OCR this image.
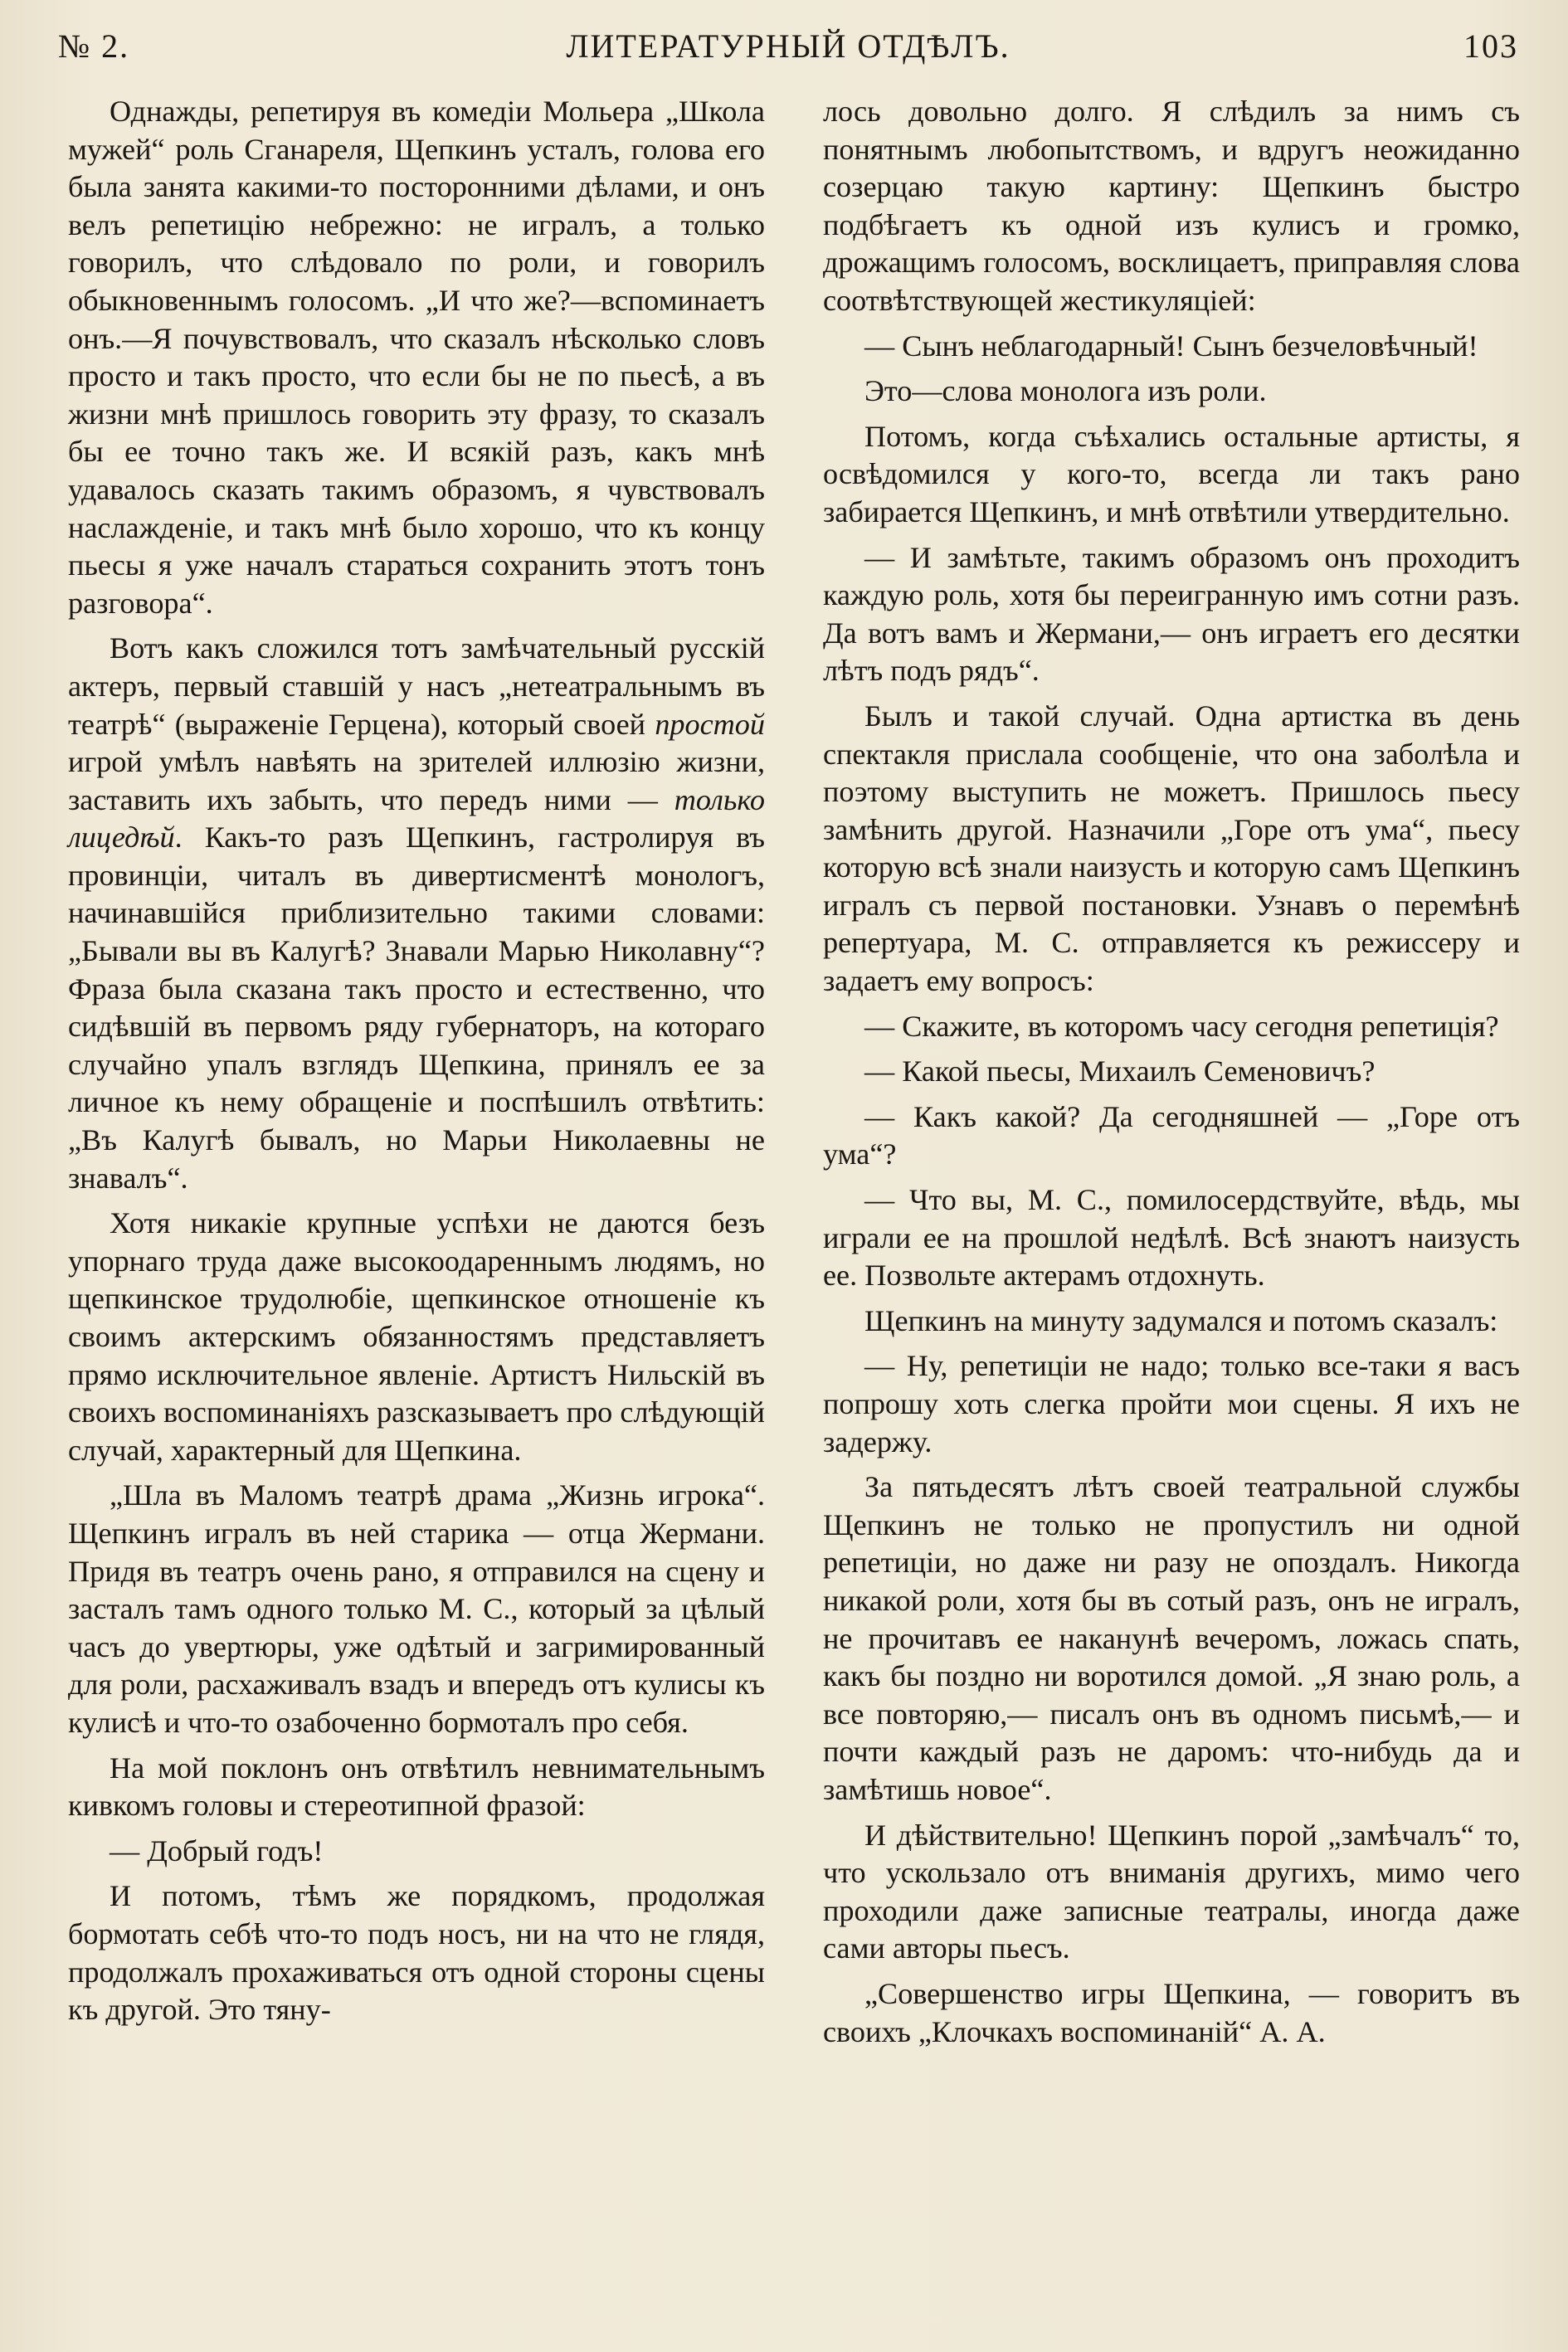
№ 2.	ЛИТЕРАТУРНЫЙ ОТДѢЛЪ.	103

Однажды, репетируя въ комедіи Мольера „Школа мужей“ роль Сганареля, Щепкинъ усталъ, голова его была занята какими-то посторонними дѣлами, и онъ велъ репетицію небрежно: не игралъ, а только говорилъ, что слѣдовало по роли, и говорилъ обыкновеннымъ голосомъ. „И что же?—вспоминаетъ онъ.—Я почувствовалъ, что сказалъ нѣсколько словъ просто и такъ просто, что если бы не по пьесѣ, а въ жизни мнѣ пришлось говорить эту фразу, то сказалъ бы ее точно такъ же. И всякій разъ, какъ мнѣ удавалось сказать такимъ образомъ, я чувствовалъ наслажденіе, и такъ мнѣ было хорошо, что къ концу пьесы я уже началъ стараться сохранить этотъ тонъ разговора“.

Вотъ какъ сложился тотъ замѣчательный русскій актеръ, первый ставшій у насъ „нетеатральнымъ въ театрѣ“ (выраженіе Герцена), который своей простой игрой умѣлъ навѣять на зрителей иллюзію жизни, заставить ихъ забыть, что передъ ними — только лицедѣй. Какъ-то разъ Щепкинъ, гастролируя въ провинціи, читалъ въ дивертисментѣ монологъ, начинавшійся приблизительно такими словами: „Бывали вы въ Калугѣ? Знавали Марью Николавну“? Фраза была сказана такъ просто и естественно, что сидѣвшій въ первомъ ряду губернаторъ, на котораго случайно упалъ взглядъ Щепкина, принялъ ее за личное къ нему обращеніе и поспѣшилъ отвѣтить: „Въ Калугѣ бывалъ, но Марьи Николаевны не знавалъ“.

Хотя никакіе крупные успѣхи не даются безъ упорнаго труда даже высокоодареннымъ людямъ, но щепкинское трудолюбіе, щепкинское отношеніе къ своимъ актерскимъ обязанностямъ представляетъ прямо исключительное явленіе. Артистъ Нильскій въ своихъ воспоминаніяхъ разсказываетъ про слѣдующій случай, характерный для Щепкина.

„Шла въ Маломъ театрѣ драма „Жизнь игрока“. Щепкинъ игралъ въ ней старика — отца Жермани. Придя въ театръ очень рано, я отправился на сцену и засталъ тамъ одного только М. С., который за цѣлый часъ до увертюры, уже одѣтый и загримированный для роли, расхаживалъ взадъ и впередъ отъ кулисы къ кулисѣ и что-то озабоченно бормоталъ про себя.

На мой поклонъ онъ отвѣтилъ невнимательнымъ кивкомъ головы и стереотипной фразой:

— Добрый годъ!

И потомъ, тѣмъ же порядкомъ, продолжая бормотать себѣ что-то подъ носъ, ни на что не глядя, продолжалъ прохаживаться отъ одной стороны сцены къ другой. Это тяну-

лось довольно долго. Я слѣдилъ за нимъ съ понятнымъ любопытствомъ, и вдругъ неожиданно созерцаю такую картину: Щепкинъ быстро подбѣгаетъ къ одной изъ кулисъ и громко, дрожащимъ голосомъ, восклицаетъ, приправляя слова соотвѣтствующей жестикуляціей:

— Сынъ неблагодарный! Сынъ безчеловѣчный!

Это—слова монолога изъ роли.

Потомъ, когда съѣхались остальные артисты, я освѣдомился у кого-то, всегда ли такъ рано забирается Щепкинъ, и мнѣ отвѣтили утвердительно.

— И замѣтьте, такимъ образомъ онъ проходитъ каждую роль, хотя бы переигранную имъ сотни разъ. Да вотъ вамъ и Жермани,— онъ играетъ его десятки лѣтъ подъ рядъ“.

Былъ и такой случай. Одна артистка въ день спектакля прислала сообщеніе, что она заболѣла и поэтому выступить не можетъ. Пришлось пьесу замѣнить другой. Назначили „Горе отъ ума“, пьесу которую всѣ знали наизусть и которую самъ Щепкинъ игралъ съ первой постановки. Узнавъ о перемѣнѣ репертуара, М. С. отправляется къ режиссеру и задаетъ ему вопросъ:

— Скажите, въ которомъ часу сегодня репетиція?

— Какой пьесы, Михаилъ Семеновичъ?

— Какъ какой? Да сегодняшней — „Горе отъ ума“?

— Что вы, М. С., помилосердствуйте, вѣдь, мы играли ее на прошлой недѣлѣ. Всѣ знаютъ наизусть ее. Позвольте актерамъ отдохнуть.

Щепкинъ на минуту задумался и потомъ сказалъ:

— Ну, репетиціи не надо; только все-таки я васъ попрошу хоть слегка пройти мои сцены. Я ихъ не задержу.

За пятьдесятъ лѣтъ своей театральной службы Щепкинъ не только не пропустилъ ни одной репетиціи, но даже ни разу не опоздалъ. Никогда никакой роли, хотя бы въ сотый разъ, онъ не игралъ, не прочитавъ ее наканунѣ вечеромъ, ложась спать, какъ бы поздно ни воротился домой. „Я знаю роль, а все повторяю,— писалъ онъ въ одномъ письмѣ,— и почти каждый разъ не даромъ: что-нибудь да и замѣтишь новое“.

И дѣйствительно! Щепкинъ порой „замѣчалъ“ то, что ускользало отъ вниманія другихъ, мимо чего проходили даже записные театралы, иногда даже сами авторы пьесъ.

„Совершенство игры Щепкина, — говоритъ въ своихъ „Клочкахъ воспоминаній“ А. А.
